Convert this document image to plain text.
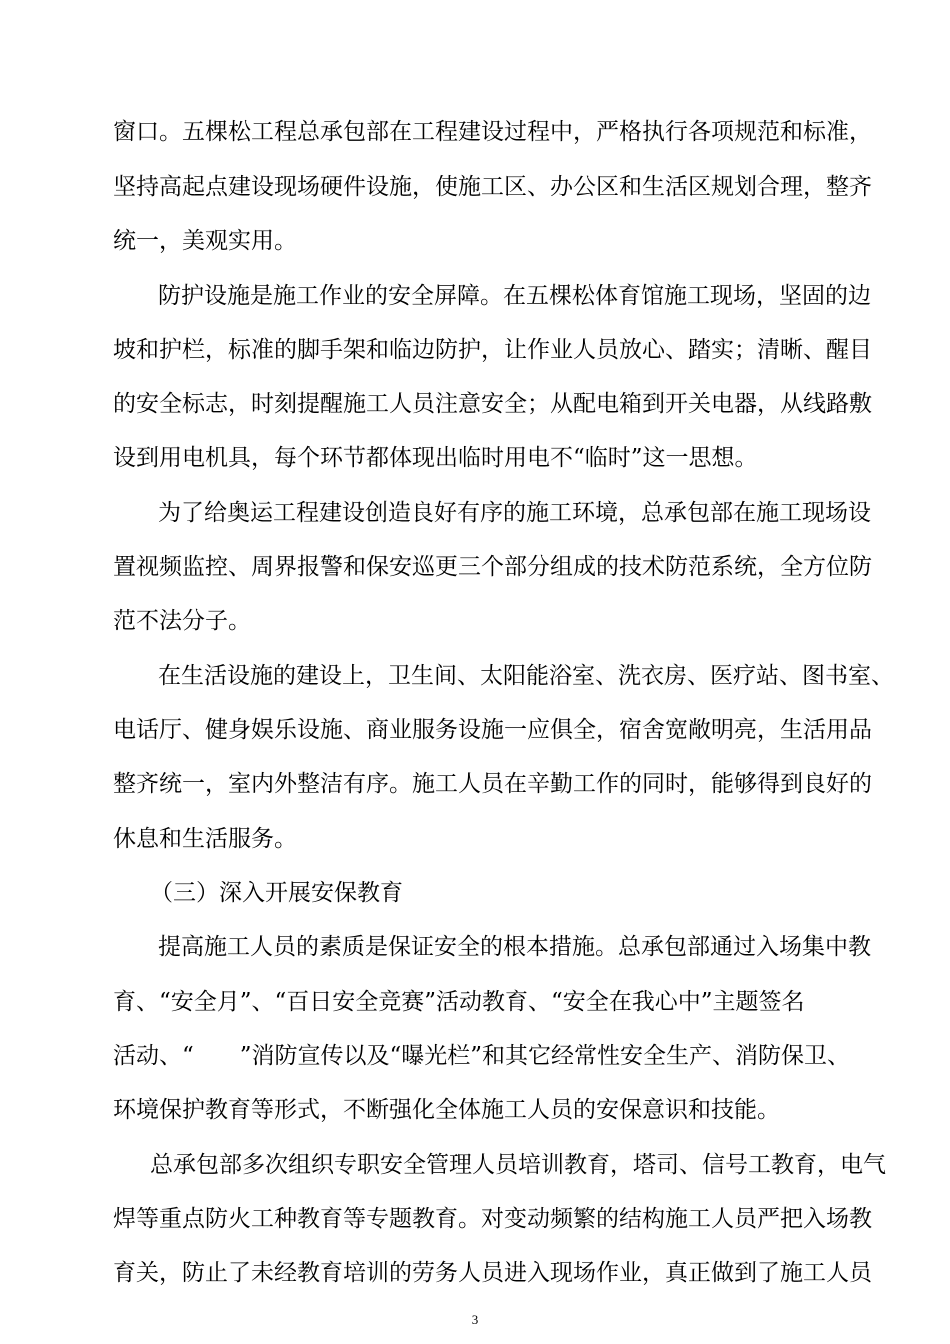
窗口。五棵松工程总承包部在工程建设过程中，严格执行各项规范和标准，
坚持高起点建设现场硬件设施，使施工区、办公区和生活区规划合理，整齐
统一，美观实用。
防护设施是施工作业的安全屏障。在五棵松体育馆施工现场，坚固的边
坡和护栏，标准的脚手架和临边防护，让作业人员放心、踏实；清晰、醒目
的安全标志，时刻提醒施工人员注意安全；从配电箱到开关电器，从线路敷
设到用电机具，每个环节都体现出临时用电不“临时”这一思想。
为了给奥运工程建设创造良好有序的施工环境，总承包部在施工现场设
置视频监控、周界报警和保安巡更三个部分组成的技术防范系统，全方位防
范不法分子。
在生活设施的建设上，卫生间、太阳能浴室、洗衣房、医疗站、图书室、
电话厅、健身娱乐设施、商业服务设施一应俱全，宿舍宽敞明亮，生活用品
整齐统一，室内外整洁有序。施工人员在辛勤工作的同时，能够得到良好的
休息和生活服务。
（三）深入开展安保教育
提高施工人员的素质是保证安全的根本措施。总承包部通过入场集中教
育、“安全月”、“百日安全竞赛”活动教育、“安全在我心中”主题签名
活动、“　　”消防宣传以及“曝光栏”和其它经常性安全生产、消防保卫、
环境保护教育等形式，不断强化全体施工人员的安保意识和技能。
总承包部多次组织专职安全管理人员培训教育，塔司、信号工教育，电气
焊等重点防火工种教育等专题教育。对变动频繁的结构施工人员严把入场教
育关，防止了未经教育培训的劳务人员进入现场作业，真正做到了施工人员
3
